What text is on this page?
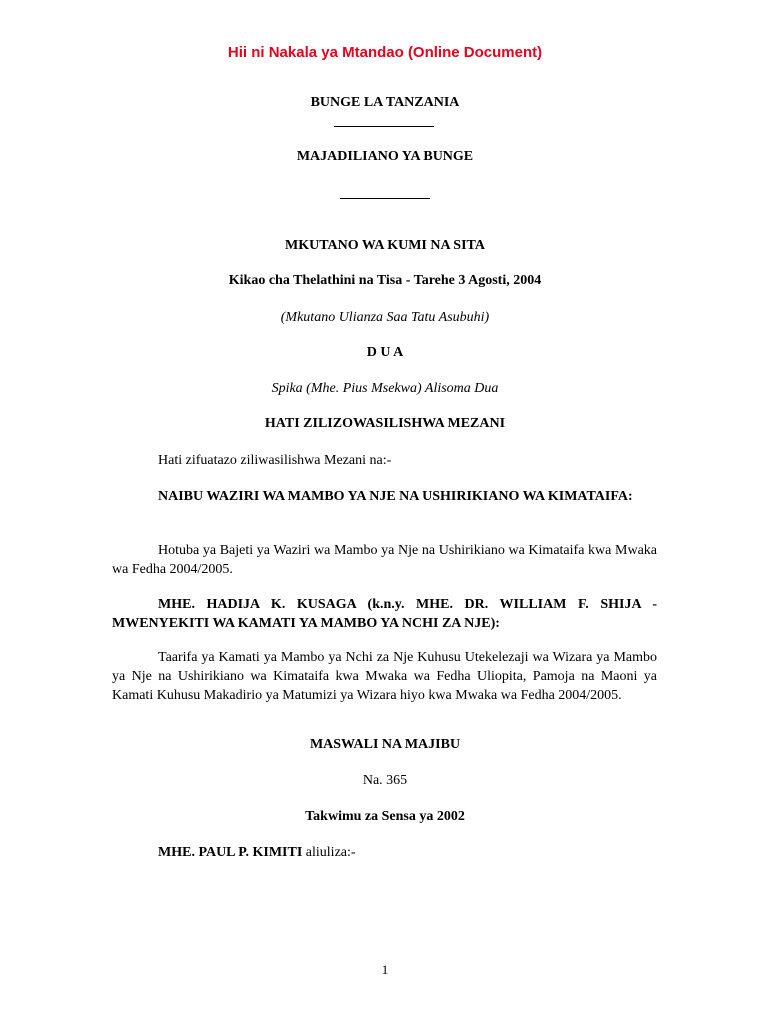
Hii ni Nakala ya Mtandao (Online Document)
BUNGE LA TANZANIA
MAJADILIANO YA BUNGE
MKUTANO WA KUMI NA SITA
Kikao cha Thelathini na Tisa - Tarehe 3 Agosti, 2004
(Mkutano Ulianza Saa Tatu Asubuhi)
D U A
Spika (Mhe. Pius Msekwa) Alisoma Dua
HATI ZILIZOWASILISHWA MEZANI
Hati zifuatazo ziliwasilishwa Mezani na:-
NAIBU WAZIRI WA MAMBO YA NJE NA USHIRIKIANO WA KIMATAIFA:
Hotuba ya Bajeti ya Waziri wa Mambo ya Nje na Ushirikiano wa Kimataifa kwa Mwaka wa Fedha 2004/2005.
MHE. HADIJA K. KUSAGA (k.n.y. MHE. DR. WILLIAM F. SHIJA - MWENYEKITI WA KAMATI YA MAMBO YA NCHI ZA NJE):
Taarifa ya Kamati ya Mambo ya Nchi za Nje Kuhusu Utekelezaji wa Wizara ya Mambo ya Nje na Ushirikiano wa Kimataifa kwa Mwaka wa Fedha Uliopita, Pamoja na Maoni ya Kamati Kuhusu Makadirio ya Matumizi ya Wizara hiyo kwa Mwaka wa Fedha 2004/2005.
MASWALI NA MAJIBU
Na. 365
Takwimu za Sensa ya 2002
MHE. PAUL P. KIMITI aliuliza:-
1
